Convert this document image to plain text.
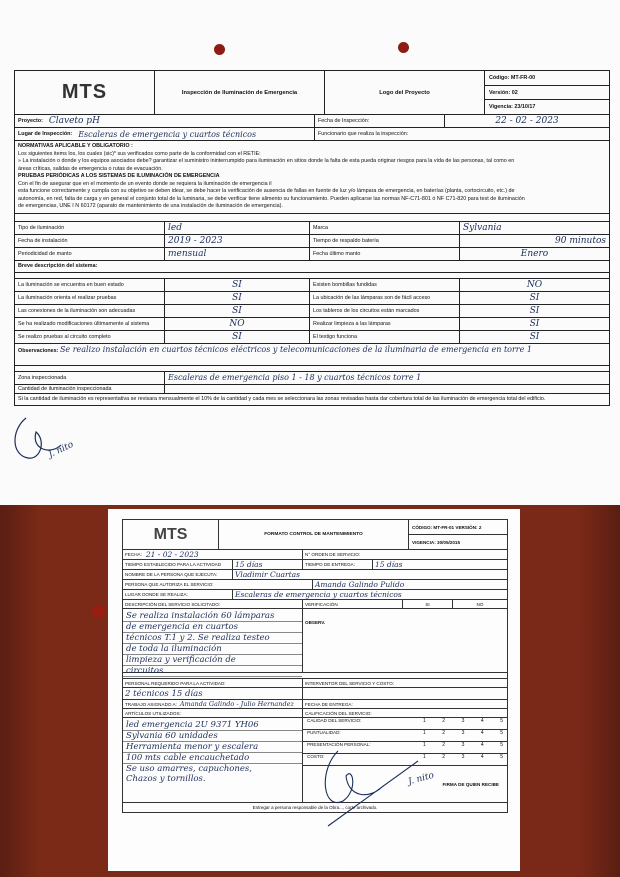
MTS	Inspección de Iluminación de Emergencia	Logo del Proyecto
Código: MT-FR-00
Versión: 02
Vigencia: 23/10/17
Proyecto: Claveto pH	Fecha de Inspección:	22 - 02 - 2023
Lugar de Inspección: Escaleras de emergencia y cuartos técnicos	Funcionario que realiza la inspección:
NORMATIVAS APLICABLE Y OBLIGATORIO :
Los siguientes items los, los cuales (sic)* sus verificados como parte de la conformidad con el RETIE:
» La instalación o donde y los equipos asociados debe? garantizar el suministro ininterrumpido para iluminación en sitios donde la falta de esta pueda originar riesgos para la vida de las personas, tal como en
áreas críticas, salidas de emergencia o rutas de evacuación.
PRUEBAS PERIÓDICAS A LOS SISTEMAS DE ILUMINACIÓN DE EMERGENCIA
Con el fin de asegurar que en el momento de un evento donde se requiera la iluminación de emergencia il
esta funcione correctamente y cumpla con su objetivo se deben idear, se debe hacer la verificación de ausencia de fallas en fuente de luz y/o lámpara de emergencia, en baterías (planta, cortocircuito, etc.) de
autonomía, en red, falta de carga y en general el conjunto total de la luminaria, se debe verificar tiene alimento su funcionamiento. Pueden aplicarse las normas NF-C71-801 ó NF C71-820 para test de iluminación
de emergencias, UNE I N 60172 (aparato de mantenimiento de una instalación de iluminación de emergencia).
Tipo de iluminación	led	Marca	Sylvania
Fecha de instalación	2019 - 2023	Tiempo de respaldo batería	90 minutos
Periodicidad de manto	mensual	Fecha último manto	Enero
Breve descripción del sistema:
La iluminación se encuentra en buen estado	SI	Existen bombillas fundidas	NO
La iluminación orienta el realizar pruebas	SI	La ubicación de las lámparas son de fácil acceso	SI
Las conexiones de la iluminación son adecuadas	SI	Los tableros de los circuitos están marcados	SI
Se ha realizado modificaciones últimamente al sistema	NO	Realizar limpieza a las lámparas	SI
Se realizo pruebas al circuito completo	SI	El testigo funciona	SI
Observaciones: Se realizo instalación en cuartos técnicos eléctricos y telecomunicaciones de la iluminaria de emergencia en torre 1
Zona inspeccionada	Escaleras de emergencia piso 1 - 18 y cuartos técnicos torre 1
Cantidad de iluminación inspeccionada
Si la cantidad de iluminación es representativa se revisara mensualmente el 10% de la cantidad y cada mes se seleccionara las zonas revisadas hasta dar cobertura total de las iluminación de emergencia total del edificio.
J. nito
MTS	FORMATO CONTROL DE MANTENIMIENTO
CÓDIGO: MT-FR-01 VERSIÓN: 2
VIGENCIA: 30/05/2015
FECHA: 21 - 02 - 2023	N° ORDEN DE SERVICIO:
TIEMPO ESTABLECIDO PARA LA ACTIVIDAD	15 días	TIEMPO DE ENTREGA:	15 días
NOMBRE DE LA PERSONA QUE EJECUTA:	Vladimir Cuartas
PERSONA QUE AUTORIZA EL SERVICIO:	Amanda Galindo Pulido
LUGAR DONDE SE REALIZA:	Escaleras de emergencia y cuartos técnicos
DESCRIPCIÓN DEL SERVICIO SOLICITADO:	VERIFICACIÓN	SI	NO
Se realiza instalación 60 lámparas
de emergencia en cuartos
técnicos T.1 y 2. Se realiza testeo
de toda la iluminación
limpieza y verificación de
circuitos
OBSERV.
PERSONAL REQUERIDO PARA LA ACTIVIDAD:	INTERVENTOR DEL SERVICIO Y COSTO:
2 técnicos 15 días
TRABAJO ASIGNADO A: Amanda Galindo - Julio Hernandez	FECHA DE ENTREGA:
ARTÍCULOS UTILIZADOS:	CALIFICACIÓN DEL SERVICIO:
led emergencia 2U 9371 YH06
Sylvania 60 unidades
Herramienta menor y escalera
100 mts cable encauchetado
Se uso amarres, capuchones,
Chazos y tornillos.
CALIDAD DEL SERVICIO:	1	2	3	4	5
PUNTUALIDAD:	1	2	3	4	5
PRESENTACIÓN PERSONAL:	1	2	3	4	5
COSTO:	1	2	3	4	5
FIRMA DE QUIEN RECIBE
Entregar a persona responsable de la Obra..., corte archivado.
J. nito
